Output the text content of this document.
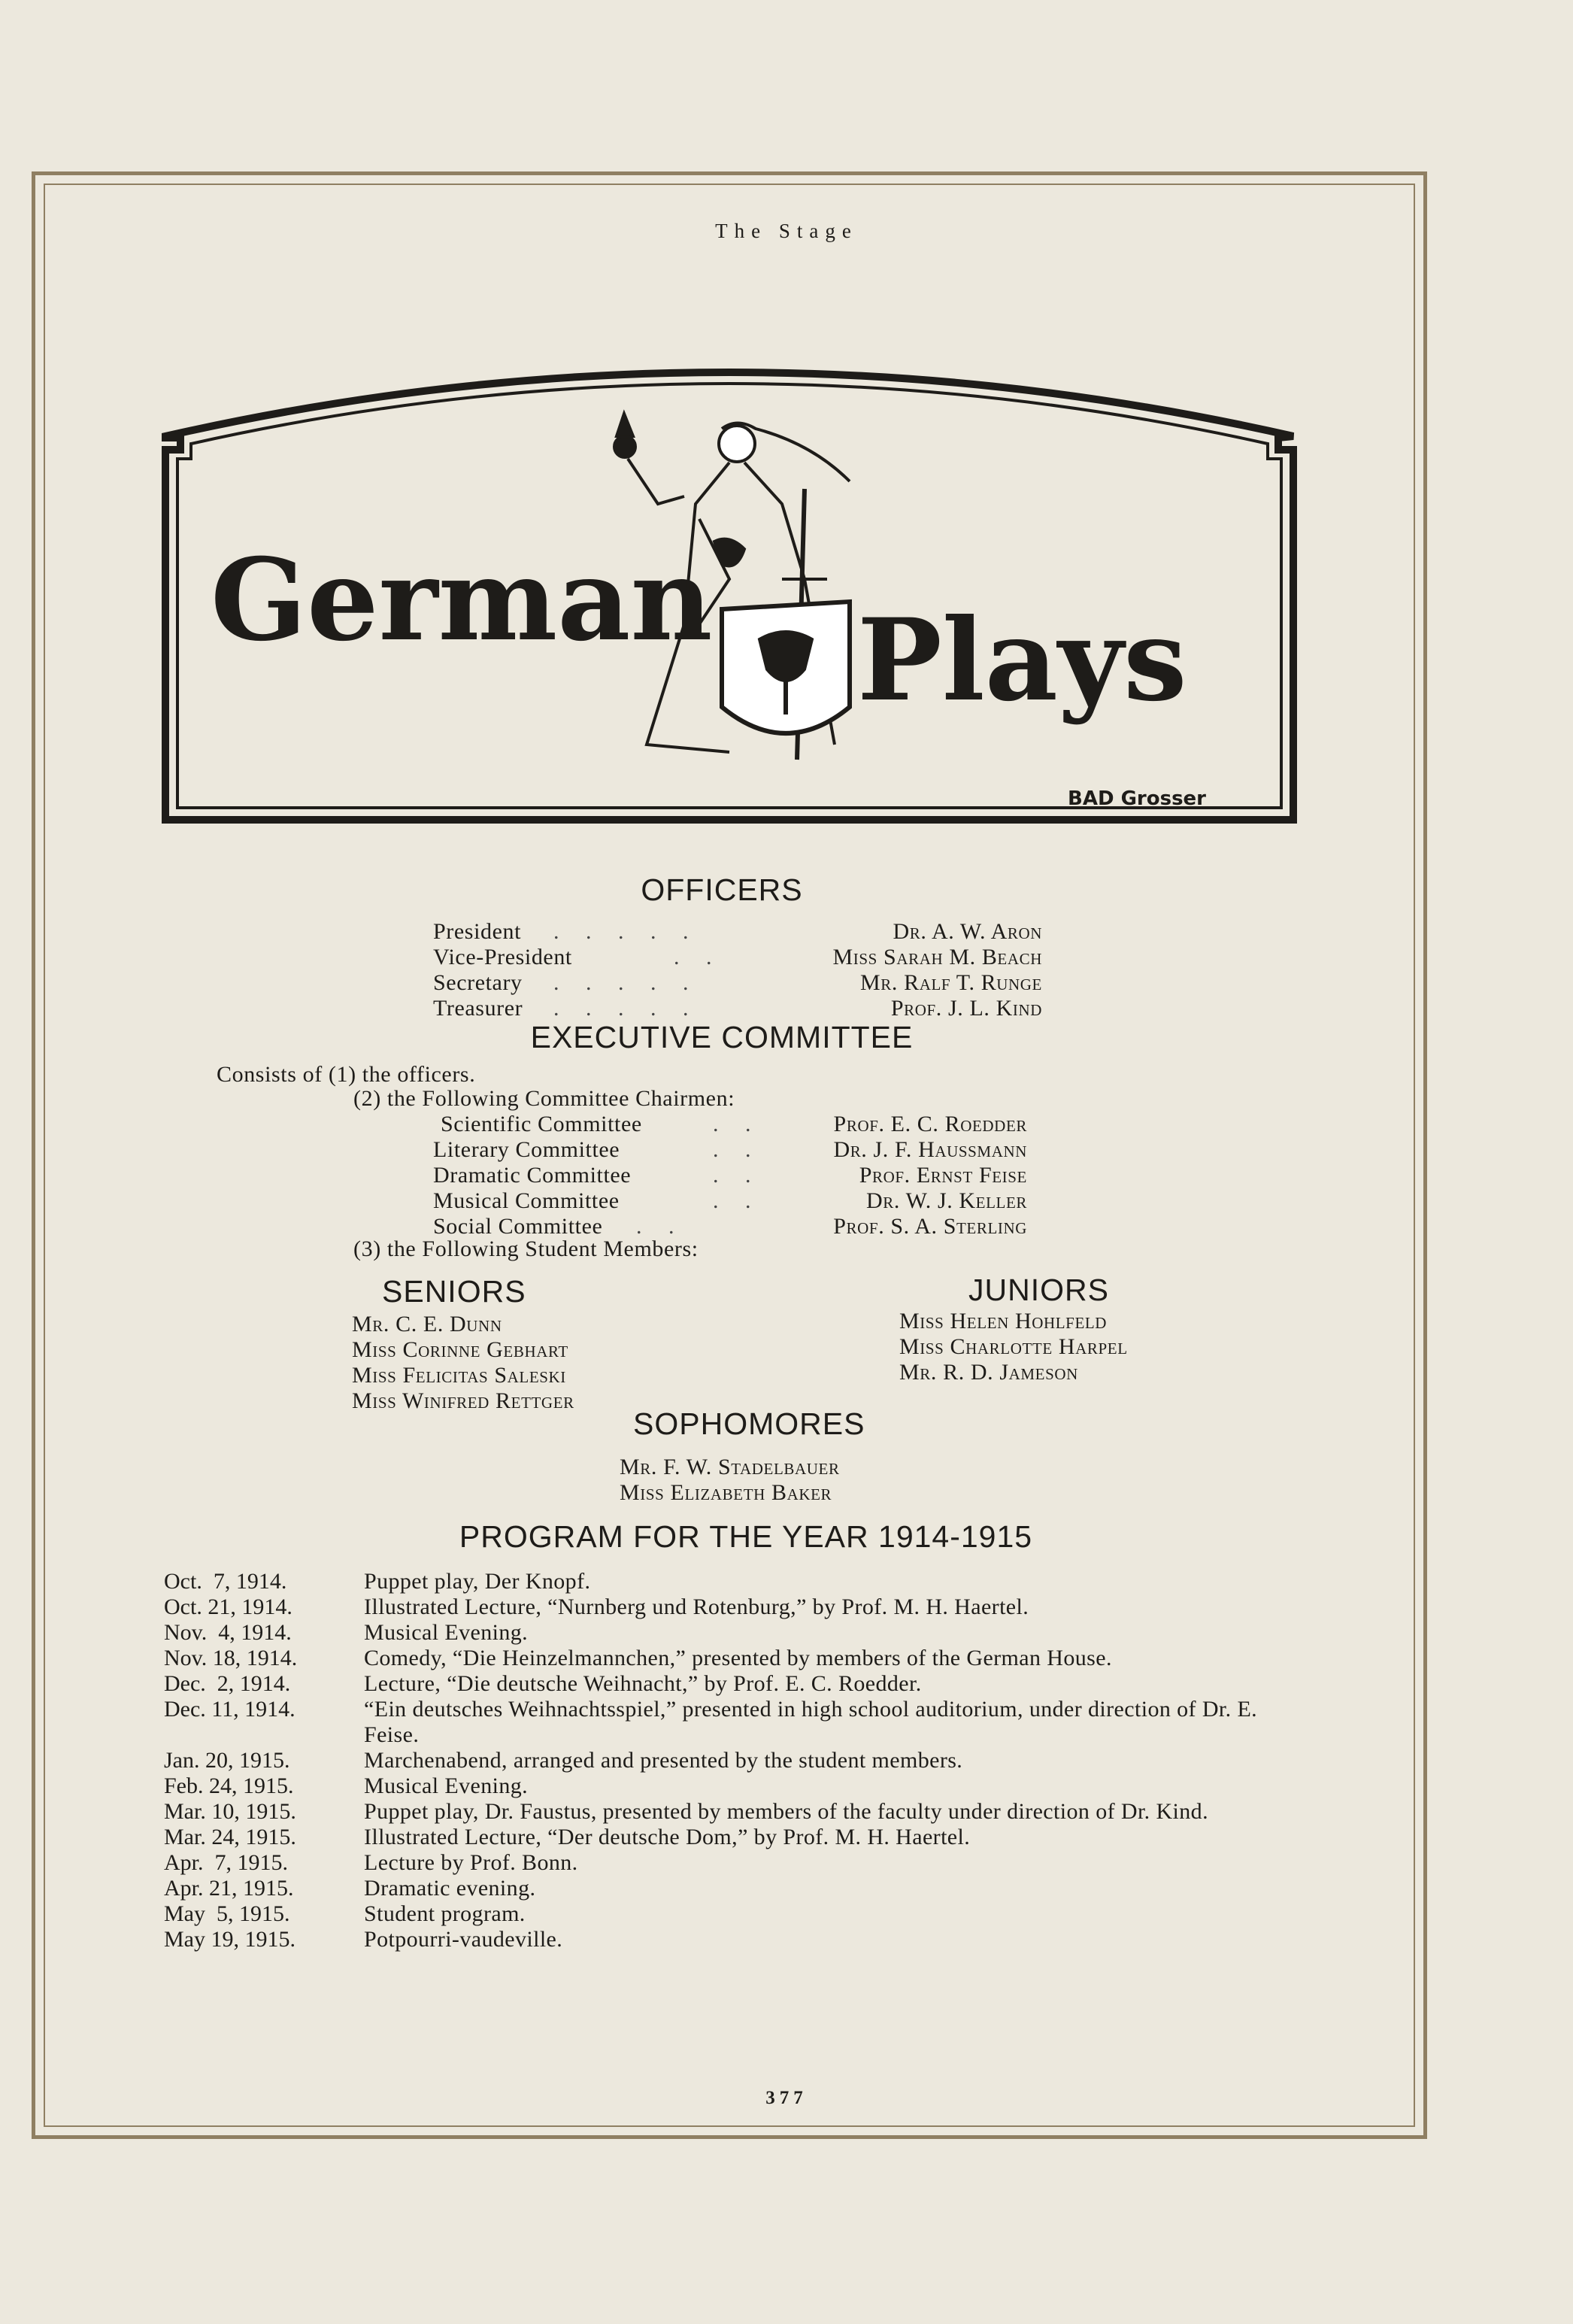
The Stage
German Plays
BAD Grosser
OFFICERS
President . . . . .	Dr. A. W. Aron
Vice-President	. .	Miss Sarah M. Beach
Secretary . . . . .	Mr. Ralf T. Runge
Treasurer . . . . .	Prof. J. L. Kind
EXECUTIVE COMMITTEE
Consists of (1) the officers.
(2) the Following Committee Chairmen:
Scientific Committee	. .	Prof. E. C. Roedder
Literary Committee	. .	Dr. J. F. Haussmann
Dramatic Committee	. .	Prof. Ernst Feise
Musical Committee	. .	Dr. W. J. Keller
Social Committee . .	Prof. S. A. Sterling
(3) the Following Student Members:
SENIORS
Mr. C. E. Dunn
Miss Corinne Gebhart
Miss Felicitas Saleski
Miss Winifred Rettger
JUNIORS
Miss Helen Hohlfeld
Miss Charlotte Harpel
Mr. R. D. Jameson
SOPHOMORES
Mr. F. W. Stadelbauer
Miss Elizabeth Baker
PROGRAM FOR THE YEAR 1914-1915
Oct.  7, 1914.	Puppet play, Der Knopf.
Oct. 21, 1914.	Illustrated Lecture, “Nurnberg und Rotenburg,” by Prof. M. H. Haertel.
Nov.  4, 1914.	Musical Evening.
Nov. 18, 1914.	Comedy, “Die Heinzelmannchen,” presented by members of the German House.
Dec.  2, 1914.	Lecture, “Die deutsche Weihnacht,” by Prof. E. C. Roedder.
Dec. 11, 1914.	“Ein deutsches Weihnachtsspiel,” presented in high school auditorium, under direction of Dr. E. Feise.
Jan. 20, 1915.	Marchenabend, arranged and presented by the student members.
Feb. 24, 1915.	Musical Evening.
Mar. 10, 1915.	Puppet play, Dr. Faustus, presented by members of the faculty under direction of Dr. Kind.
Mar. 24, 1915.	Illustrated Lecture, “Der deutsche Dom,” by Prof. M. H. Haertel.
Apr.  7, 1915.	Lecture by Prof. Bonn.
Apr. 21, 1915.	Dramatic evening.
May  5, 1915.	Student program.
May 19, 1915.	Potpourri-vaudeville.
377
